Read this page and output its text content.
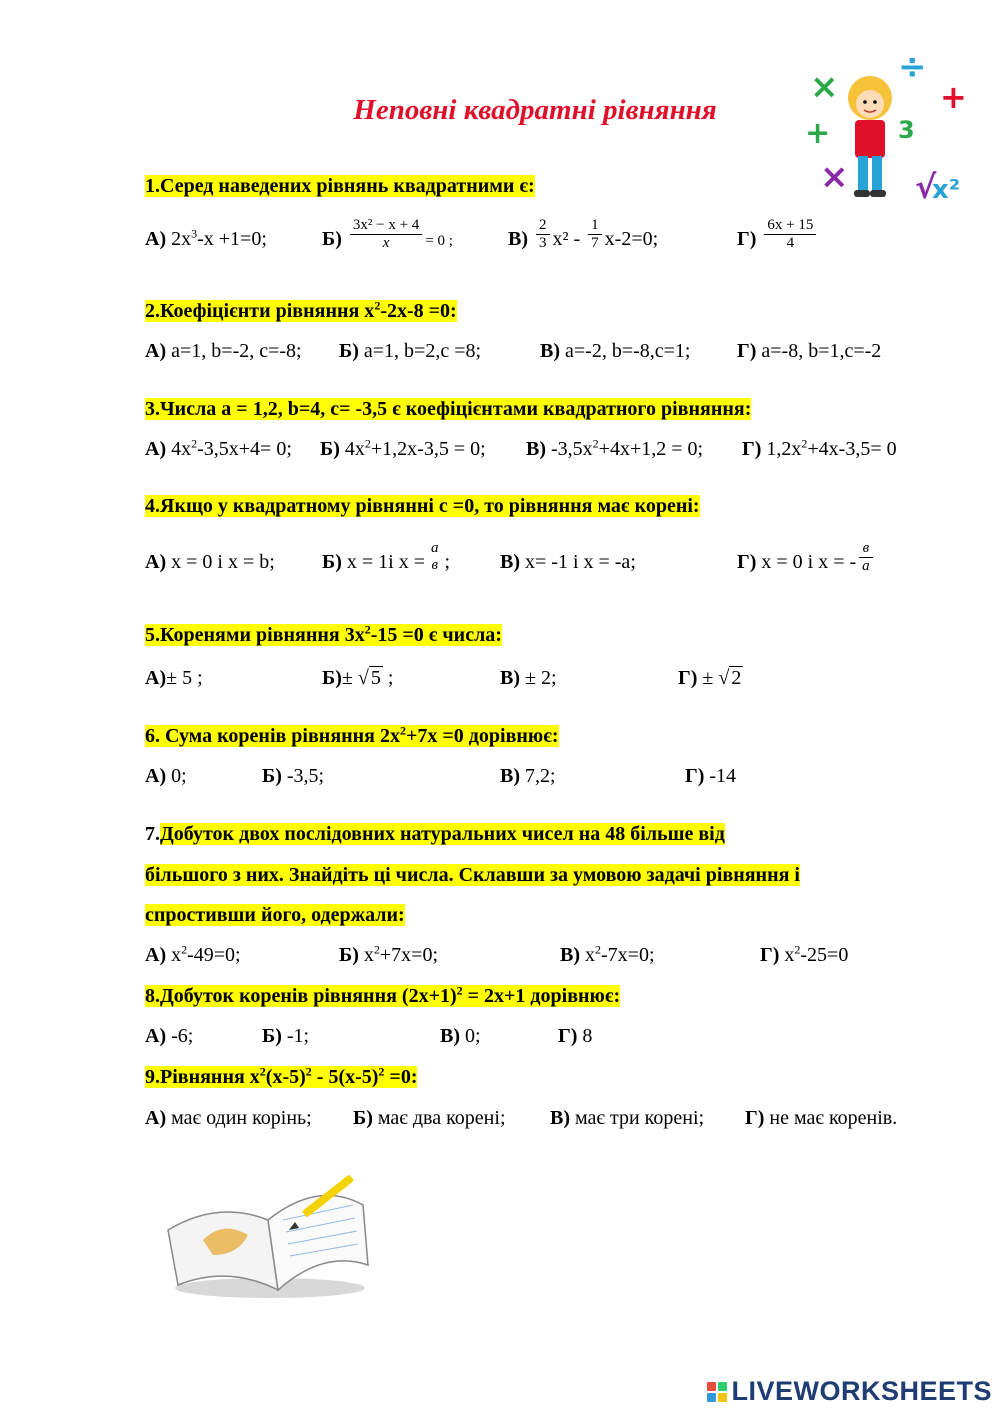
Неповні квадратні рівняння
×
+
÷
+
× √
x²
3
1.Серед наведених рівнянь квадратними є:
А) $2x^3-x +1=0$;	$Б) \frac{\text{3x² − x + 4}}{x} = 0$ ;	$В) \frac{2}{3} x^2 - \frac{1}{7} x-2=0$;	$Г) \frac{6x + 15}{4}$
2.Коефіцієнти рівняння $x^2-2x-8 =0$:
А) a=1, b=-2, c=-8; Б) a=1, b=2,c =8;	В) a=-2, b=-8,c=1; Г) a=-8, b=1,c=-2
3.Числа a = 1,2, b=4, c= -3,5 є коефіцієнтами квадратного рівняння:
А) $4x^2-3,5x+4= 0$; Б) $4x^2+1,2x-3,5 = 0$; В) $-3,5x^2+4x+1,2 = 0$; Г) $1,2x^2+4x-3,5= 0$
4.Якщо у квадратному рівнянні c =0, то рівняння має корені:
А) x = 0 і x = b; Б) x = 1і x =
a
в ; В) x= -1 і x = -a;	Г) x = 0 і x = - $\frac{в}{a}$
5.Коренями рівняння $3x^2-15 =0$ є числа:
А)± 5 ;	Б)± √ 5 ;	В) ± 2;	Г) ± √ 2
6. Сума коренів рівняння $2x^2+7x =0$ дорівнює:
А) 0;	Б) -3,5;	В) 7,2;	Г) -14
7.Добуток двох послідовних натуральних чисел на 48 більше від
більшого з них. Знайдіть ці числа. Склавши за умовою задачі рівняння і
спростивши його, одержали:
А) $x^2-49=0$;	Б) $x^2+7x=0$;	В) $x^2-7x=0$;	Г) $x^2-25=0$
8.Добуток коренів рівняння $(2x+1)^2 = 2x+1$ дорівнює:
А) -6;	Б) -1;	В) 0;	Г) 8
9.Рівняння $x^2(x-5)^2 - 5(x-5)^2 =0$:
А) має один корінь; Б) має два корені; В) має три корені; Г) не має коренів.
LIVEWORKSHEETS
